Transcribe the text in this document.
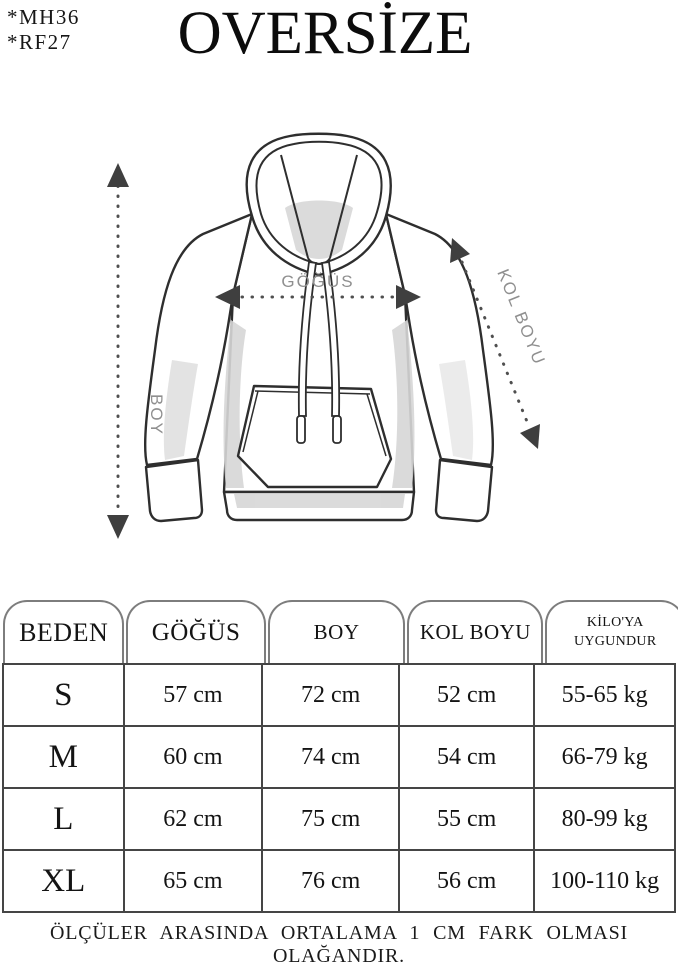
*MH36
*RF27	OVERSİZE
BOY
GÖĞÜS	KOL BOYU
BEDEN	GÖĞÜS	BOY	KOL BOYU	KİLO'YA
UYGUNDUR
S	57 cm	72 cm	52 cm	55-65 kg
M	60 cm	74 cm	54 cm	66-79 kg
L	62 cm	75 cm	55 cm	80-99 kg
XL	65 cm	76 cm	56 cm	100-110 kg
ÖLÇÜLER ARASINDA ORTALAMA 1 CM FARK OLMASI OLAĞANDIR.
